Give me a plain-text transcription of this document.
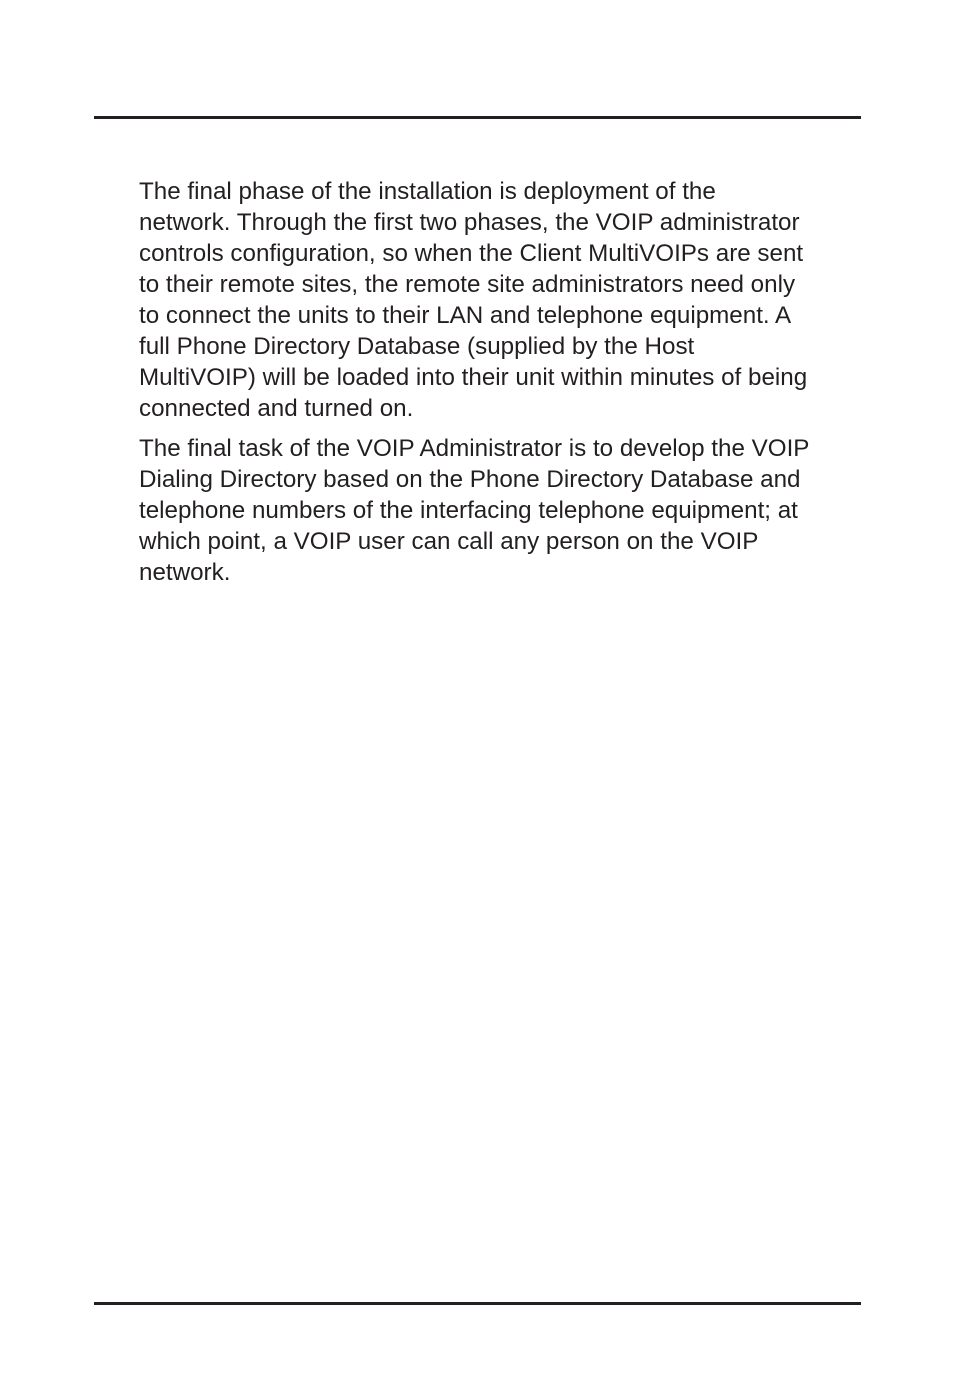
The final phase of the installation is deployment of the
network. Through the first two phases, the VOIP administrator
controls configuration, so when the Client MultiVOIPs are sent
to their remote sites, the remote site administrators need only
to connect the units to their LAN and telephone equipment. A
full Phone Directory Database (supplied by the Host
MultiVOIP) will be loaded into their unit within minutes of being
connected and turned on.

The final task of the VOIP Administrator is to develop the VOIP
Dialing Directory based on the Phone Directory Database and
telephone numbers of the interfacing telephone equipment; at
which point, a VOIP user can call any person on the VOIP
network.
